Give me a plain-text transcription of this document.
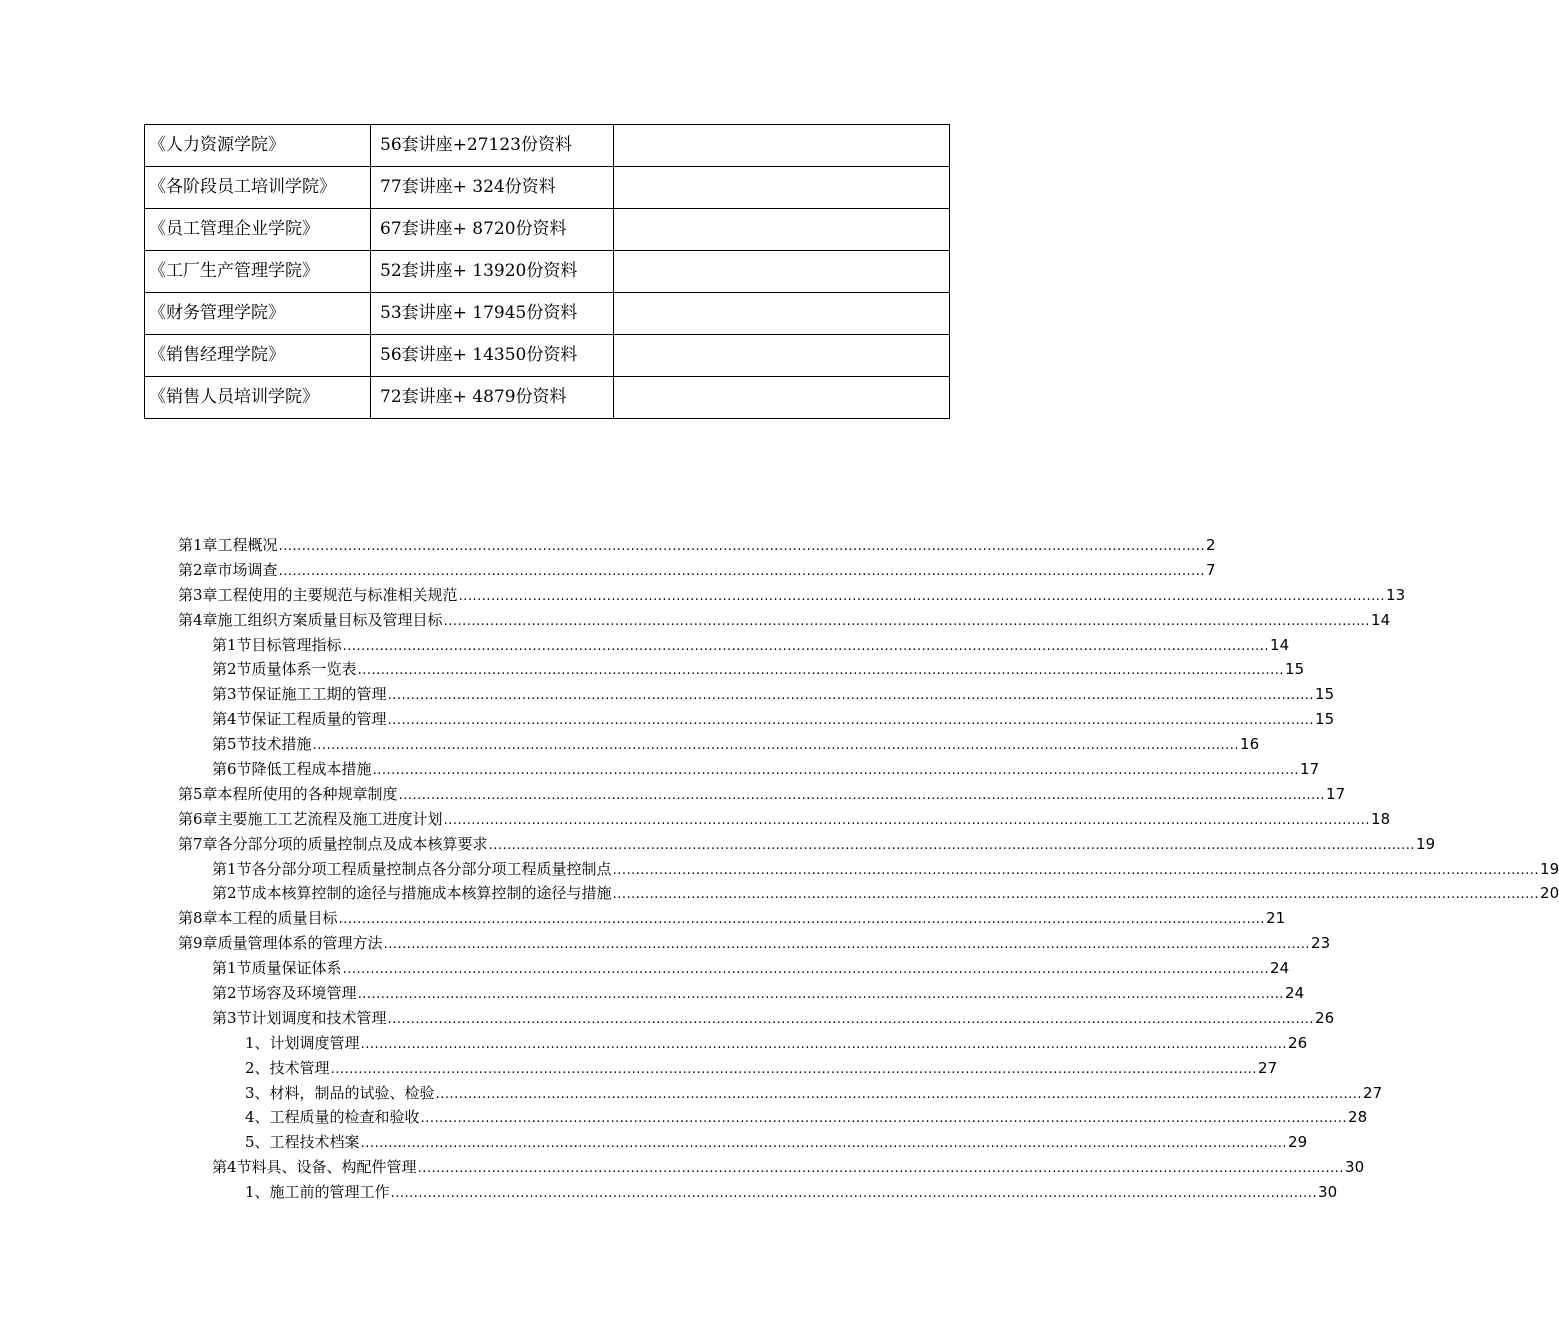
《人力资源学院》	56套讲座+27123份资料	
《各阶段员工培训学院》	77套讲座+ 324份资料	
《员工管理企业学院》	67套讲座+ 8720份资料	
《工厂生产管理学院》	52套讲座+ 13920份资料	
《财务管理学院》	53套讲座+ 17945份资料	
《销售经理学院》	56套讲座+ 14350份资料	
《销售人员培训学院》	72套讲座+ 4879份资料	
第1章 工程概况 ........................................................................................................................................................................................................ 2
第2章 市场调查 ........................................................................................................................................................................................................ 7
第3章 工程使用的主要规范与标准相关规范 ........................................................................................................................................................................................................ 13
第4章 施工组织方案质量目标及管理目标 ........................................................................................................................................................................................................ 14
第1节 目标管理指标 ........................................................................................................................................................................................................ 14
第2节 质量体系一览表 ........................................................................................................................................................................................................ 15
第3节 保证施工工期的管理 ........................................................................................................................................................................................................ 15
第4节 保证工程质量的管理 ........................................................................................................................................................................................................ 15
第5节 技术措施 ........................................................................................................................................................................................................ 16
第6节 降低工程成本措施 ........................................................................................................................................................................................................ 17
第5章 本程所使用的各种规章制度 ........................................................................................................................................................................................................ 17
第6章 主要施工工艺流程及施工进度计划 ........................................................................................................................................................................................................ 18
第7章 各分部分项的质量控制点及成本核算要求 ........................................................................................................................................................................................................ 19
第1节 各分部分项工程质量控制点各分部分项工程质量控制点 ........................................................................................................................................................................................................ 19
第2节 成本核算控制的途径与措施成本核算控制的途径与措施 ........................................................................................................................................................................................................ 20
第8章 本工程的质量目标 ........................................................................................................................................................................................................ 21
第9章 质量管理体系的管理方法 ........................................................................................................................................................................................................ 23
第1节 质量保证体系 ........................................................................................................................................................................................................ 24
第2节 场容及环境管理 ........................................................................................................................................................................................................ 24
第3节 计划调度和技术管理 ........................................................................................................................................................................................................ 26
1、 计划调度管理 ........................................................................................................................................................................................................ 26
2、 技术管理 ........................................................................................................................................................................................................ 27
3、 材料，制品的试验、检验 ........................................................................................................................................................................................................ 27
4、 工程质量的检查和验收 ........................................................................................................................................................................................................ 28
5、 工程技术档案 ........................................................................................................................................................................................................ 29
第4节 料具、设备、构配件管理 ........................................................................................................................................................................................................ 30
1、 施工前的管理工作 ........................................................................................................................................................................................................ 30
